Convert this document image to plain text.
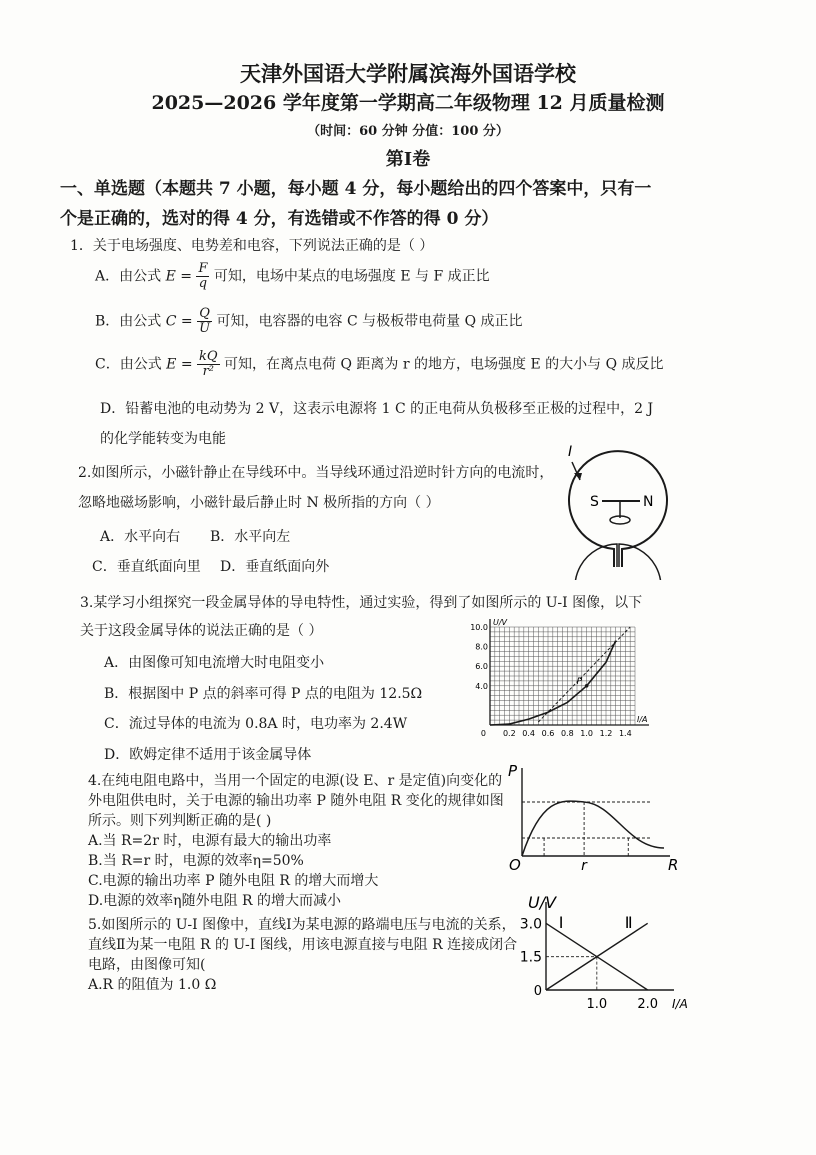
天津外国语大学附属滨海外国语学校
2025—2026 学年度第一学期高二年级物理 12 月质量检测
（时间：60 分钟 分值：100 分）
第Ⅰ卷
一、单选题（本题共 7 小题，每小题 4 分，每小题给出的四个答案中，只有一
个是正确的，选对的得 4 分，有选错或不作答的得 0 分）
1．关于电场强度、电势差和电容，下列说法正确的是（ ）
A．由公式 $E = \frac{F}{q}$ 可知，电场中某点的电场强度 E 与 F 成正比
B．由公式 $C = \frac{Q}{U}$ 可知，电容器的电容 C 与极板带电荷量 Q 成正比
C．由公式 $E = \frac{kQ}{\text{r²}}$ 可知，在离点电荷 Q 距离为 r 的地方，电场强度 E 的大小与 Q 成反比
D．铅蓄电池的电动势为 2 V，这表示电源将 1 C 的正电荷从负极移至正极的过程中，2 J
的化学能转变为电能
2.如图所示，小磁针静止在导线环中。当导线环通过沿逆时针方向的电流时，
忽略地磁场影响，小磁针最后静止时 N 极所指的方向（ ）
A．水平向右 B．水平向左
C．垂直纸面向里 D．垂直纸面向外
I
S	N
3.某学习小组探究一段金属导体的导电特性，通过实验，得到了如图所示的 U-I 图像，以下
关于这段金属导体的说法正确的是（ ）
A．由图像可知电流增大时电阻变小
B．根据图中 P 点的斜率可得 P 点的电阻为 12.5Ω
C．流过导体的电流为 0.8A 时，电功率为 2.4W
D．欧姆定律不适用于该金属导体
0.2 0.4 0.6 0.8 1.0 1.2 1.4
4.0
6.0
8.0
10.0
0
I/A
U/V
P
4.在纯电阻电路中，当用一个固定的电源(设 E、r 是定值)向变化的
外电阻供电时，关于电源的输出功率 P 随外电阻 R 变化的规律如图
所示。则下列判断正确的是( )
A.当 R=2r 时，电源有最大的输出功率
B.当 R=r 时，电源的效率η=50%
C.电源的输出功率 P 随外电阻 R 的增大而增大
D.电源的效率η随外电阻 R 的增大而减小
O	r	R
P
5.如图所示的 U-I 图像中，直线Ⅰ为某电源的路端电压与电流的关系，
直线Ⅱ为某一电阻 R 的 U-I 图线，用该电源直接与电阻 R 连接成闭合
电路，由图像可知(
A.R 的阻值为 1.0 Ω
Ⅰ	Ⅱ
1.5
3.0
1.0 2.0
0
I/A
U/V
